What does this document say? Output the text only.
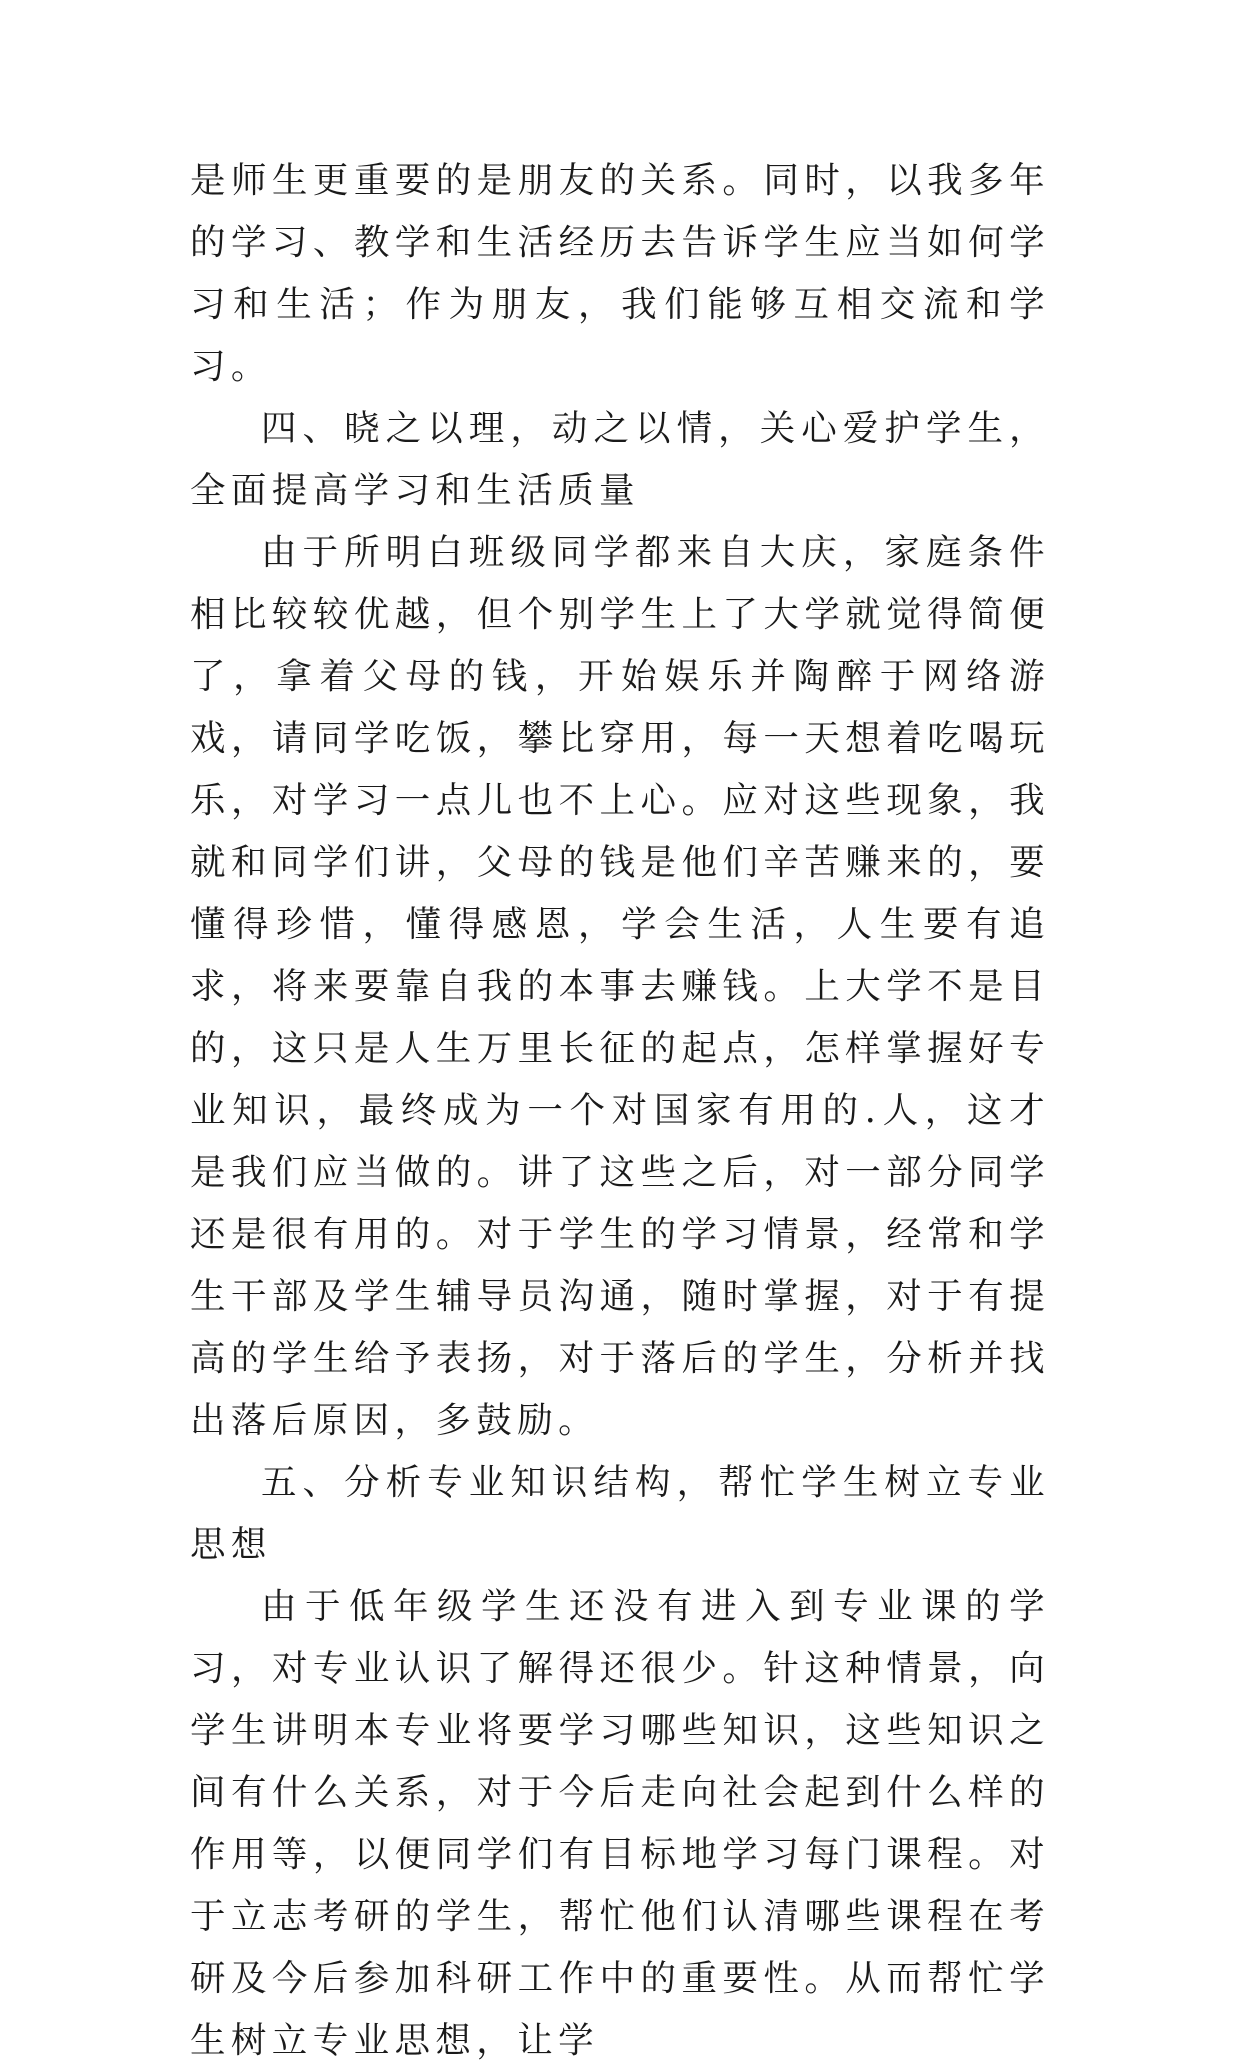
是师生更重要的是朋友的关系。同时，以我多年的学习、教学和生活经历去告诉学生应当如何学习和生活；作为朋友，我们能够互相交流和学习。

四、晓之以理，动之以情，关心爱护学生，全面提高学习和生活质量

由于所明白班级同学都来自大庆，家庭条件相比较较优越，但个别学生上了大学就觉得简便了，拿着父母的钱，开始娱乐并陶醉于网络游戏，请同学吃饭，攀比穿用，每一天想着吃喝玩乐，对学习一点儿也不上心。应对这些现象，我就和同学们讲，父母的钱是他们辛苦赚来的，要懂得珍惜，懂得感恩，学会生活，人生要有追求，将来要靠自我的本事去赚钱。上大学不是目的，这只是人生万里长征的起点，怎样掌握好专业知识，最终成为一个对国家有用的.人，这才是我们应当做的。讲了这些之后，对一部分同学还是很有用的。对于学生的学习情景，经常和学生干部及学生辅导员沟通，随时掌握，对于有提高的学生给予表扬，对于落后的学生，分析并找出落后原因，多鼓励。

五、分析专业知识结构，帮忙学生树立专业思想

由于低年级学生还没有进入到专业课的学习，对专业认识了解得还很少。针这种情景，向学生讲明本专业将要学习哪些知识，这些知识之间有什么关系，对于今后走向社会起到什么样的作用等，以便同学们有目标地学习每门课程。对于立志考研的学生，帮忙他们认清哪些课程在考研及今后参加科研工作中的重要性。从而帮忙学生树立专业思想，让学
